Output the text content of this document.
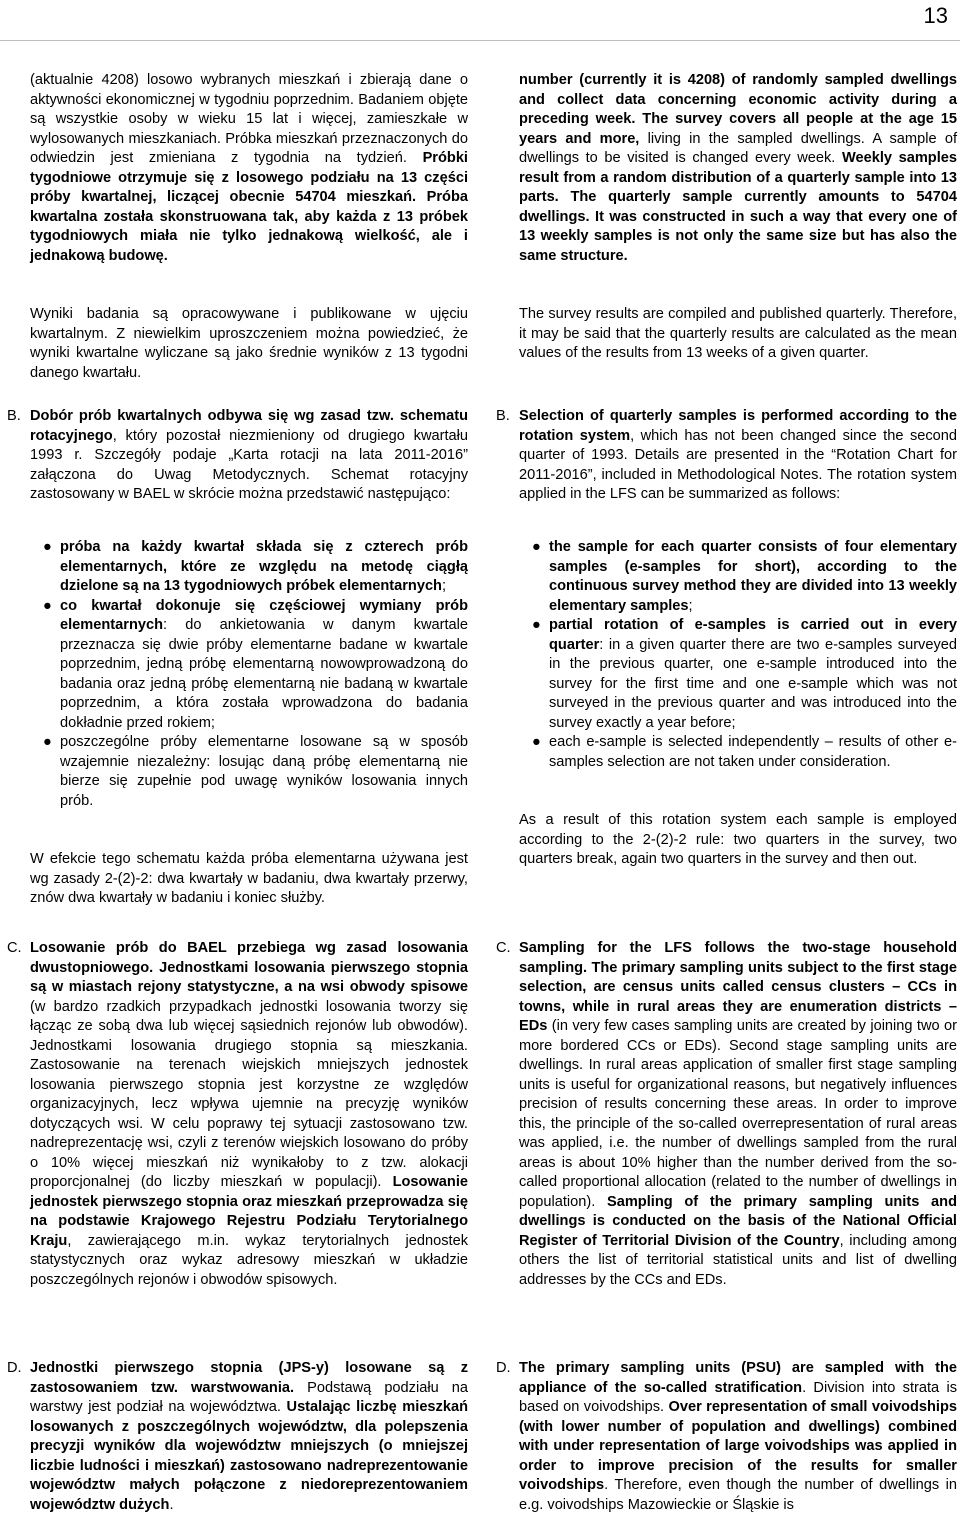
13

(aktualnie 4208) losowo wybranych mieszkań i zbierają dane o aktywności ekonomicznej w tygodniu poprzednim. Badaniem objęte są wszystkie osoby w wieku 15 lat i więcej, zamieszkałe w wylosowanych mieszkaniach. Próbka mieszkań przeznaczonych do odwiedzin jest zmieniana z tygodnia na tydzień. Próbki tygodniowe otrzymuje się z losowego podziału na 13 części próby kwartalnej, liczącej obecnie 54704 mieszkań. Próba kwartalna została skonstruowana tak, aby każda z 13 próbek tygodniowych miała nie tylko jednakową wielkość, ale i jednakową budowę.

number (currently it is 4208) of randomly sampled dwellings and collect data concerning economic activity during a preceding week. The survey covers all people at the age 15 years and more, living in the sampled dwellings. A sample of dwellings to be visited is changed every week. Weekly samples result from a random distribution of a quarterly sample into 13 parts. The quarterly sample currently amounts to 54704 dwellings. It was constructed in such a way that every one of 13 weekly samples is not only the same size but has also the same structure.

Wyniki badania są opracowywane i publikowane w ujęciu kwartalnym. Z niewielkim uproszczeniem można powiedzieć, że wyniki kwartalne wyliczane są jako średnie wyników z 13 tygodni danego kwartału.

The survey results are compiled and published quarterly. Therefore, it may be said that the quarterly results are calculated as the mean values of the results from 13 weeks of a given quarter.

B. Dobór prób kwartalnych odbywa się wg zasad tzw. schematu rotacyjnego, który pozostał niezmieniony od drugiego kwartału 1993 r. Szczegóły podaje „Karta rotacji na lata 2011-2016” załączona do Uwag Metodycznych. Schemat rotacyjny zastosowany w BAEL w skrócie można przedstawić następująco:

● próba na każdy kwartał składa się z czterech prób elementarnych, które ze względu na metodę ciągłą dzielone są na 13 tygodniowych próbek elementarnych;
● co kwartał dokonuje się częściowej wymiany prób elementarnych: do ankietowania w danym kwartale przeznacza się dwie próby elementarne badane w kwartale poprzednim, jedną próbę elementarną nowowprowadzoną do badania oraz jedną próbę elementarną nie badaną w kwartale poprzednim, a która została wprowadzona do badania dokładnie przed rokiem;
● poszczególne próby elementarne losowane są w sposób wzajemnie niezależny: losując daną próbę elementarną nie bierze się zupełnie pod uwagę wyników losowania innych prób.

W efekcie tego schematu każda próba elementarna używana jest wg zasady 2-(2)-2: dwa kwartały w badaniu, dwa kwartały przerwy, znów dwa kwartały w badaniu i koniec służby.

B. Selection of quarterly samples is performed according to the rotation system, which has not been changed since the second quarter of 1993. Details are presented in the “Rotation Chart for 2011-2016”, included in Methodological Notes. The rotation system applied in the LFS can be summarized as follows:

● the sample for each quarter consists of four elementary samples (e-samples for short), according to the continuous survey method they are divided into 13 weekly elementary samples;
● partial rotation of e-samples is carried out in every quarter: in a given quarter there are two e-samples surveyed in the previous quarter, one e-sample introduced into the survey for the first time and one e-sample which was not surveyed in the previous quarter and was introduced into the survey exactly a year before;
● each e-sample is selected independently – results of other e-samples selection are not taken under consideration.

As a result of this rotation system each sample is employed according to the 2-(2)-2 rule: two quarters in the survey, two quarters break, again two quarters in the survey and then out.

C. Losowanie prób do BAEL przebiega wg zasad losowania dwustopniowego. Jednostkami losowania pierwszego stopnia są w miastach rejony statystyczne, a na wsi obwody spisowe (w bardzo rzadkich przypadkach jednostki losowania tworzy się łącząc ze sobą dwa lub więcej sąsiednich rejonów lub obwodów). Jednostkami losowania drugiego stopnia są mieszkania. Zastosowanie na terenach wiejskich mniejszych jednostek losowania pierwszego stopnia jest korzystne ze względów organizacyjnych, lecz wpływa ujemnie na precyzję wyników dotyczących wsi. W celu poprawy tej sytuacji zastosowano tzw. nadreprezentację wsi, czyli z terenów wiejskich losowano do próby o 10% więcej mieszkań niż wynikałoby to z tzw. alokacji proporcjonalnej (do liczby mieszkań w populacji). Losowanie jednostek pierwszego stopnia oraz mieszkań przeprowadza się na podstawie Krajowego Rejestru Podziału Terytorialnego Kraju, zawierającego m.in. wykaz terytorialnych jednostek statystycznych oraz wykaz adresowy mieszkań w układzie poszczególnych rejonów i obwodów spisowych.

C. Sampling for the LFS follows the two-stage household sampling. The primary sampling units subject to the first stage selection, are census units called census clusters – CCs in towns, while in rural areas they are enumeration districts – EDs (in very few cases sampling units are created by joining two or more bordered CCs or EDs). Second stage sampling units are dwellings. In rural areas application of smaller first stage sampling units is useful for organizational reasons, but negatively influences precision of results concerning these areas. In order to improve this, the principle of the so-called overrepresentation of rural areas was applied, i.e. the number of dwellings sampled from the rural areas is about 10% higher than the number derived from the so-called proportional allocation (related to the number of dwellings in population). Sampling of the primary sampling units and dwellings is conducted on the basis of the National Official Register of Territorial Division of the Country, including among others the list of territorial statistical units and list of dwelling addresses by the CCs and EDs.

D. Jednostki pierwszego stopnia (JPS-y) losowane są z zastosowaniem tzw. warstwowania. Podstawą podziału na warstwy jest podział na województwa. Ustalając liczbę mieszkań losowanych z poszczególnych województw, dla polepszenia precyzji wyników dla województw mniejszych (o mniejszej liczbie ludności i mieszkań) zastosowano nadreprezentowanie województw małych połączone z niedoreprezentowaniem województw dużych.

D. The primary sampling units (PSU) are sampled with the appliance of the so-called stratification. Division into strata is based on voivodships. Over representation of small voivodships (with lower number of population and dwellings) combined with under representation of large voivodships was applied in order to improve precision of the results for smaller voivodships. Therefore, even though the number of dwellings in e.g. voivodships Mazowieckie or Śląskie is
